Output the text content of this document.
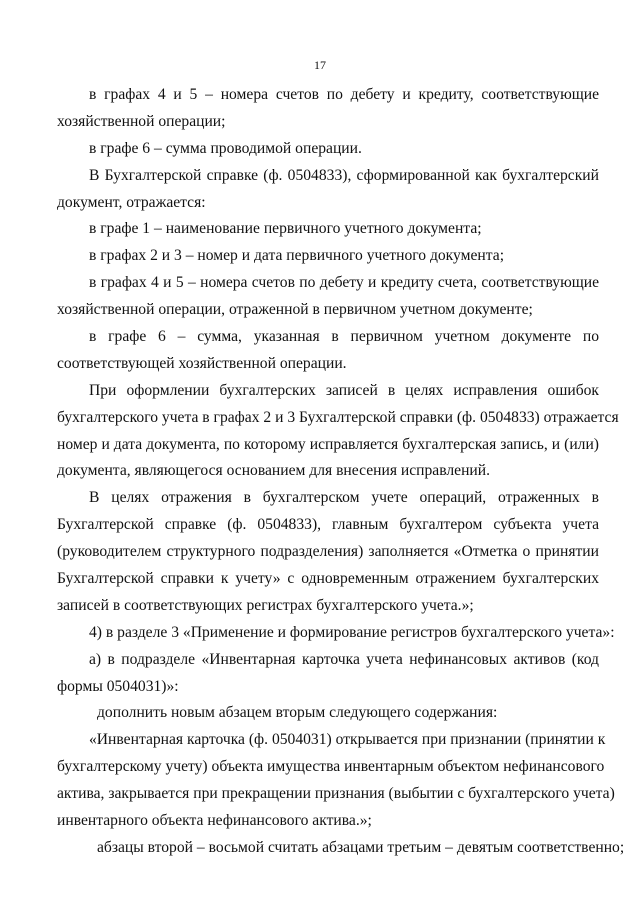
17
в графах 4 и 5 – номера счетов по дебету и кредиту, соответствующие
хозяйственной операции;
в графе 6 – сумма проводимой операции.
В Бухгалтерской справке (ф. 0504833), сформированной как бухгалтерский
документ, отражается:
в графе 1 – наименование первичного учетного документа;
в графах 2 и 3 – номер и дата первичного учетного документа;
в графах 4 и 5 – номера счетов по дебету и кредиту счета, соответствующие
хозяйственной операции, отраженной в первичном учетном документе;
в графе 6 – сумма, указанная в первичном учетном документе по
соответствующей хозяйственной операции.
При оформлении бухгалтерских записей в целях исправления ошибок
бухгалтерского учета в графах 2 и 3 Бухгалтерской справки (ф. 0504833) отражается
номер и дата документа, по которому исправляется бухгалтерская запись, и (или)
документа, являющегося основанием для внесения исправлений.
В целях отражения в бухгалтерском учете операций, отраженных в
Бухгалтерской справке (ф. 0504833), главным бухгалтером субъекта учета
(руководителем структурного подразделения) заполняется «Отметка о принятии
Бухгалтерской справки к учету» с одновременным отражением бухгалтерских
записей в соответствующих регистрах бухгалтерского учета.»;
4) в разделе 3 «Применение и формирование регистров бухгалтерского учета»:
а) в подразделе «Инвентарная карточка учета нефинансовых активов (код
формы 0504031)»:
дополнить новым абзацем вторым следующего содержания:
«Инвентарная карточка (ф. 0504031) открывается при признании (принятии к
бухгалтерскому учету) объекта имущества инвентарным объектом нефинансового
актива, закрывается при прекращении признания (выбытии с бухгалтерского учета)
инвентарного объекта нефинансового актива.»;
абзацы второй – восьмой считать абзацами третьим – девятым соответственно;
